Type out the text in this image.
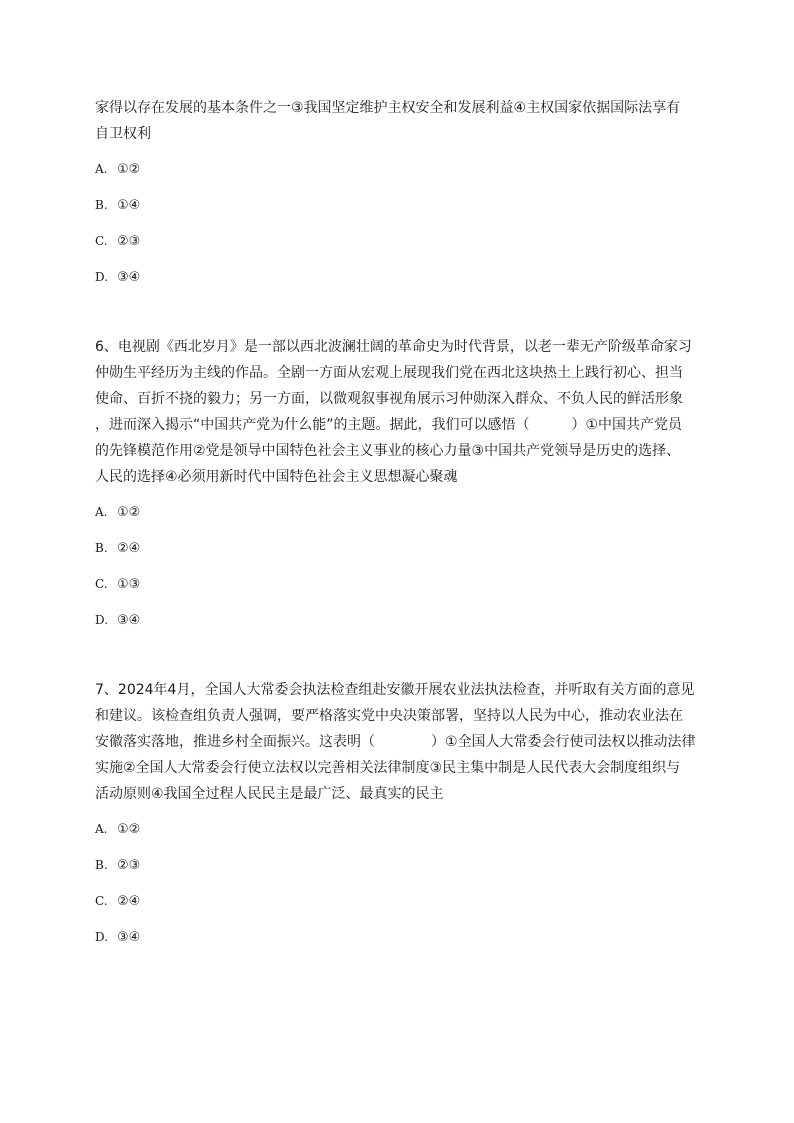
家得以存在发展的基本条件之一③我国坚定维护主权安全和发展利益④主权国家依据国际法享有

自卫权利

A. ①②

B. ①④

C. ②③

D. ③④

6、电视剧《西北岁月》是一部以西北波澜壮阔的革命史为时代背景，以老一辈无产阶级革命家习

仲勋生平经历为主线的作品。全剧一方面从宏观上展现我们党在西北这块热土上践行初心、担当

使命、百折不挠的毅力；另一方面，以微观叙事视角展示习仲勋深入群众、不负人民的鲜活形象

，进而深入揭示“中国共产党为什么能”的主题。据此，我们可以感悟（　　　）①中国共产党员

的先锋模范作用②党是领导中国特色社会主义事业的核心力量③中国共产党领导是历史的选择、

人民的选择④必须用新时代中国特色社会主义思想凝心聚魂

A. ①②

B. ②④

C. ①③

D. ③④

7、2024年4月，全国人大常委会执法检查组赴安徽开展农业法执法检查，并听取有关方面的意见

和建议。该检查组负责人强调，要严格落实党中央决策部署，坚持以人民为中心，推动农业法在

安徽落实落地，推进乡村全面振兴。这表明（　　　　）①全国人大常委会行使司法权以推动法律

实施②全国人大常委会行使立法权以完善相关法律制度③民主集中制是人民代表大会制度组织与

活动原则④我国全过程人民民主是最广泛、最真实的民主

A. ①②

B. ②③

C. ②④

D. ③④
